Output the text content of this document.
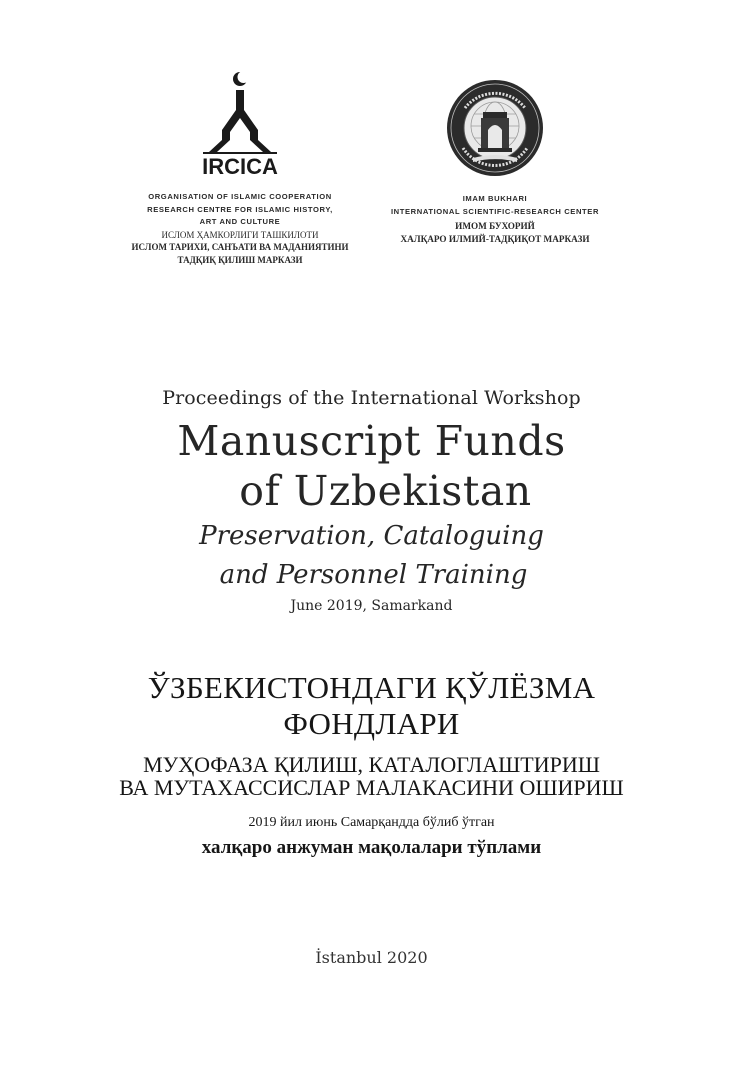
IRCICA
ORGANISATION OF ISLAMIC COOPERATION
RESEARCH CENTRE FOR ISLAMIC HISTORY,
ART AND CULTURE
ИСЛОМ ҲАМКОРЛИГИ ТАШКИЛОТИ
ИСЛОМ ТАРИХИ, САНЪАТИ ВА МАДАНИЯТИНИ
ТАДҚИҚ ҚИЛИШ МАРКАЗИ
IMAM BUKHARI
INTERNATIONAL SCIENTIFIC-RESEARCH CENTER
ИМОМ БУХОРИЙ
ХАЛҚАРО ИЛМИЙ-ТАДҚИҚОТ МАРКАЗИ
Proceedings of the International Workshop
Manuscript Funds
of Uzbekistan
Preservation, Cataloguing
and Personnel Training
June 2019, Samarkand
ЎЗБЕКИСТОНДАГИ ҚЎЛЁЗМА
ФОНДЛАРИ
МУҲОФАЗА ҚИЛИШ, КАТАЛОГЛАШТИРИШ
ВА МУТАХАССИСЛАР МАЛАКАСИНИ ОШИРИШ
2019 йил июнь Самарқандда бўлиб ўтган
халқаро анжуман мақолалари тўплами
İstanbul 2020
